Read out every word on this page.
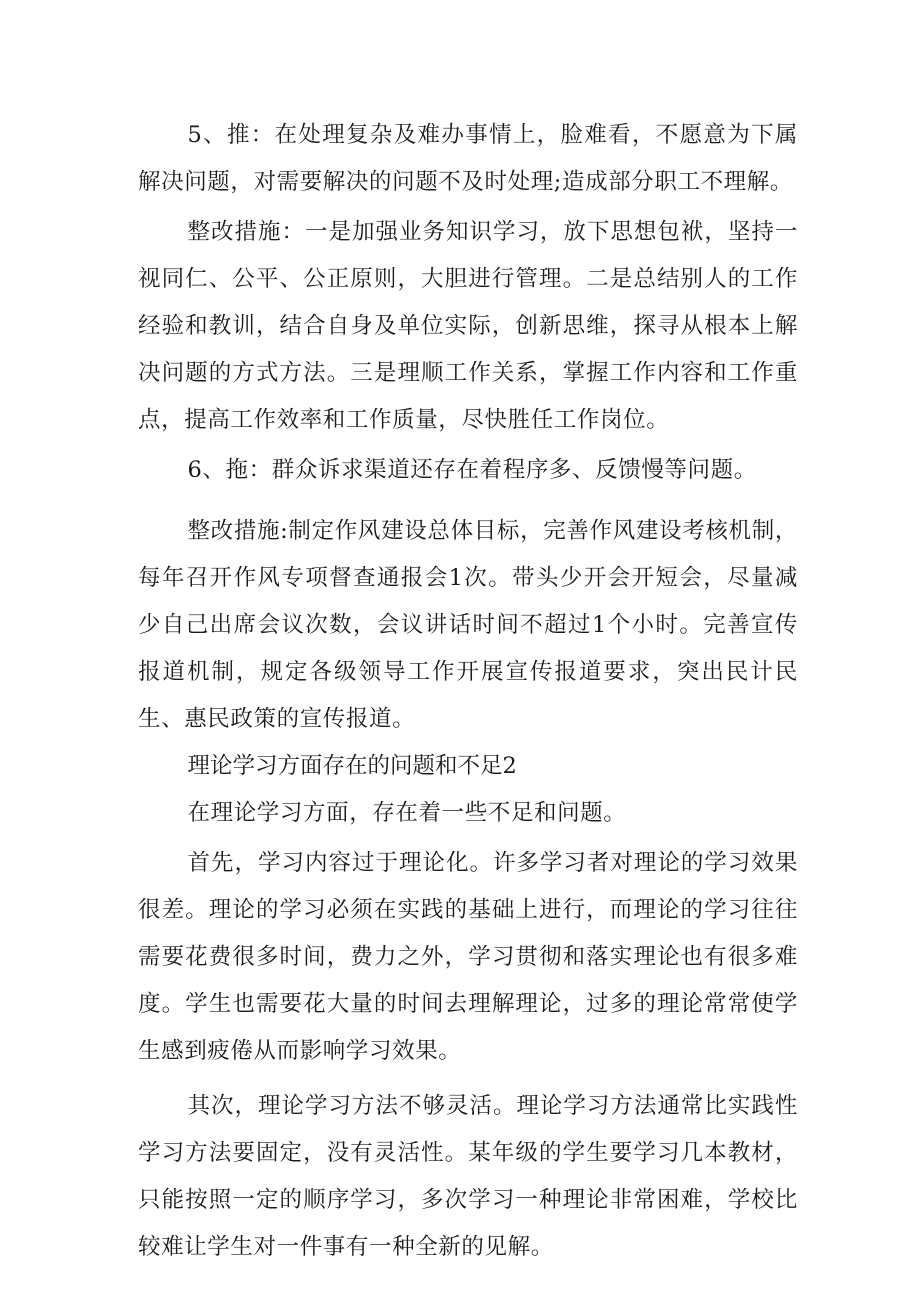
5、推：在处理复杂及难办事情上，脸难看，不愿意为下属解决问题，对需要解决的问题不及时处理;造成部分职工不理解。

整改措施：一是加强业务知识学习，放下思想包袱，坚持一视同仁、公平、公正原则，大胆进行管理。二是总结别人的工作经验和教训，结合自身及单位实际，创新思维，探寻从根本上解决问题的方式方法。三是理顺工作关系，掌握工作内容和工作重点，提高工作效率和工作质量，尽快胜任工作岗位。

6、拖：群众诉求渠道还存在着程序多、反馈慢等问题。

整改措施:制定作风建设总体目标，完善作风建设考核机制，每年召开作风专项督查通报会1次。带头少开会开短会，尽量减少自己出席会议次数，会议讲话时间不超过1个小时。完善宣传报道机制，规定各级领导工作开展宣传报道要求，突出民计民生、惠民政策的宣传报道。

理论学习方面存在的问题和不足2

在理论学习方面，存在着一些不足和问题。

首先，学习内容过于理论化。许多学习者对理论的学习效果很差。理论的学习必须在实践的基础上进行，而理论的学习往往需要花费很多时间，费力之外，学习贯彻和落实理论也有很多难度。学生也需要花大量的时间去理解理论，过多的理论常常使学生感到疲倦从而影响学习效果。

其次，理论学习方法不够灵活。理论学习方法通常比实践性学习方法要固定，没有灵活性。某年级的学生要学习几本教材，只能按照一定的顺序学习，多次学习一种理论非常困难，学校比较难让学生对一件事有一种全新的见解。
